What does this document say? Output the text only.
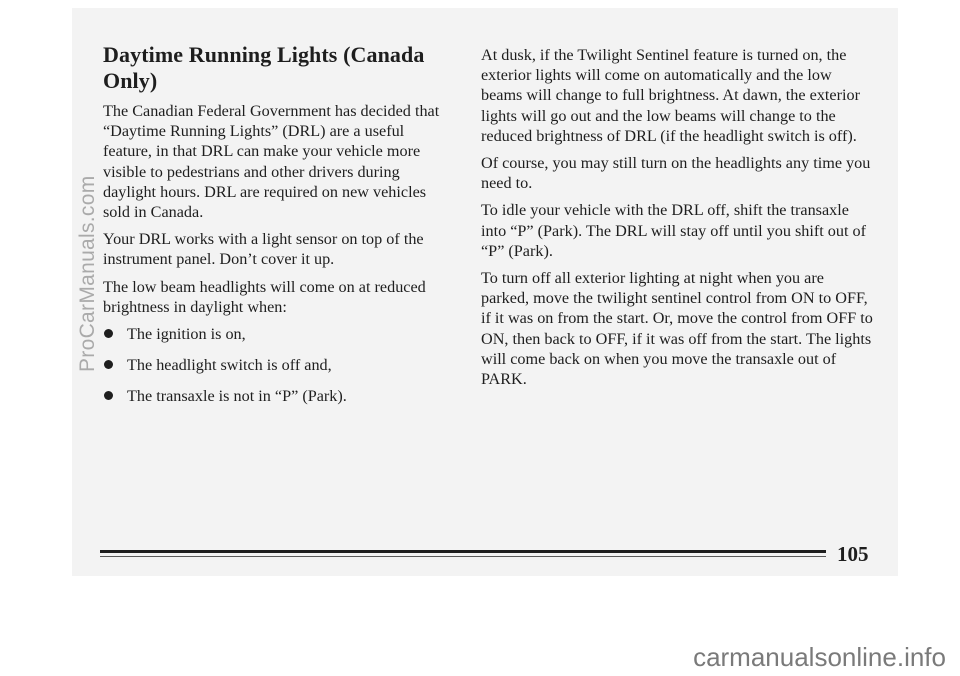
Daytime Running Lights (Canada Only)

The Canadian Federal Government has decided that “Daytime Running Lights” (DRL) are a useful feature, in that DRL can make your vehicle more visible to pedestrians and other drivers during daylight hours. DRL are required on new vehicles sold in Canada.

Your DRL works with a light sensor on top of the instrument panel. Don’t cover it up.

The low beam headlights will come on at reduced brightness in daylight when:

The ignition is on,
The headlight switch is off and,
The transaxle is not in “P” (Park).

At dusk, if the Twilight Sentinel feature is turned on, the exterior lights will come on automatically and the low beams will change to full brightness. At dawn, the exterior lights will go out and the low beams will change to the reduced brightness of DRL (if the headlight switch is off).

Of course, you may still turn on the headlights any time you need to.

To idle your vehicle with the DRL off, shift the transaxle into “P” (Park). The DRL will stay off until you shift out of “P” (Park).

To turn off all exterior lighting at night when you are parked, move the twilight sentinel control from ON to OFF, if it was on from the start. Or, move the control from OFF to ON, then back to OFF, if it was off from the start. The lights will come back on when you move the transaxle out of PARK.

105
ProCarManuals.com
carmanualsonline.info
